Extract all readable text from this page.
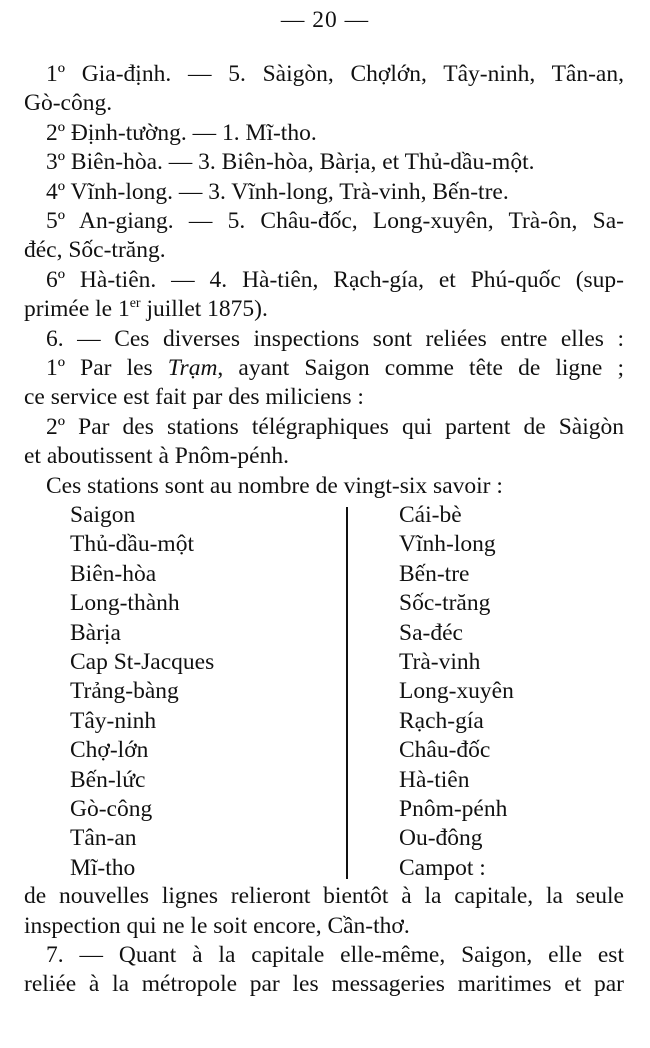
— 20 —

1º Gia-định. — 5. Sàigòn, Chợlớn, Tây-ninh, Tân-an,

Gò-công.

2º Định-tường. — 1. Mĩ-tho.

3º Biên-hòa. — 3. Biên-hòa, Bàrịa, et Thủ-dầu-một.

4º Vĩnh-long. — 3. Vĩnh-long, Trà-vinh, Bến-tre.

5º An-giang. — 5. Châu-đốc, Long-xuyên, Trà-ôn, Sa-

đéc, Sốc-trăng.

6º Hà-tiên. — 4. Hà-tiên, Rạch-gía, et Phú-quốc (sup-

primée le 1er juillet 1875).

6. — Ces diverses inspections sont reliées entre elles :

1º Par les Trạm, ayant Saigon comme tête de ligne ;

ce service est fait par des miliciens :

2º Par des stations télégraphiques qui partent de Sàigòn

et aboutissent à Pnôm-pénh.

Ces stations sont au nombre de vingt-six savoir :

Saigon
Thủ-dầu-một
Biên-hòa
Long-thành
Bàrịa
Cap St-Jacques
Trảng-bàng
Tây-ninh
Chợ-lớn
Bến-lức
Gò-công
Tân-an
Mĩ-tho
Cái-bè
Vĩnh-long
Bến-tre
Sốc-trăng
Sa-đéc
Trà-vinh
Long-xuyên
Rạch-gía
Châu-đốc
Hà-tiên
Pnôm-pénh
Ou-đông
Campot :

de nouvelles lignes relieront bientôt à la capitale, la seule

inspection qui ne le soit encore, Cần-thơ.

7. — Quant à la capitale elle-même, Saigon, elle est

reliée à la métropole par les messageries maritimes et par
